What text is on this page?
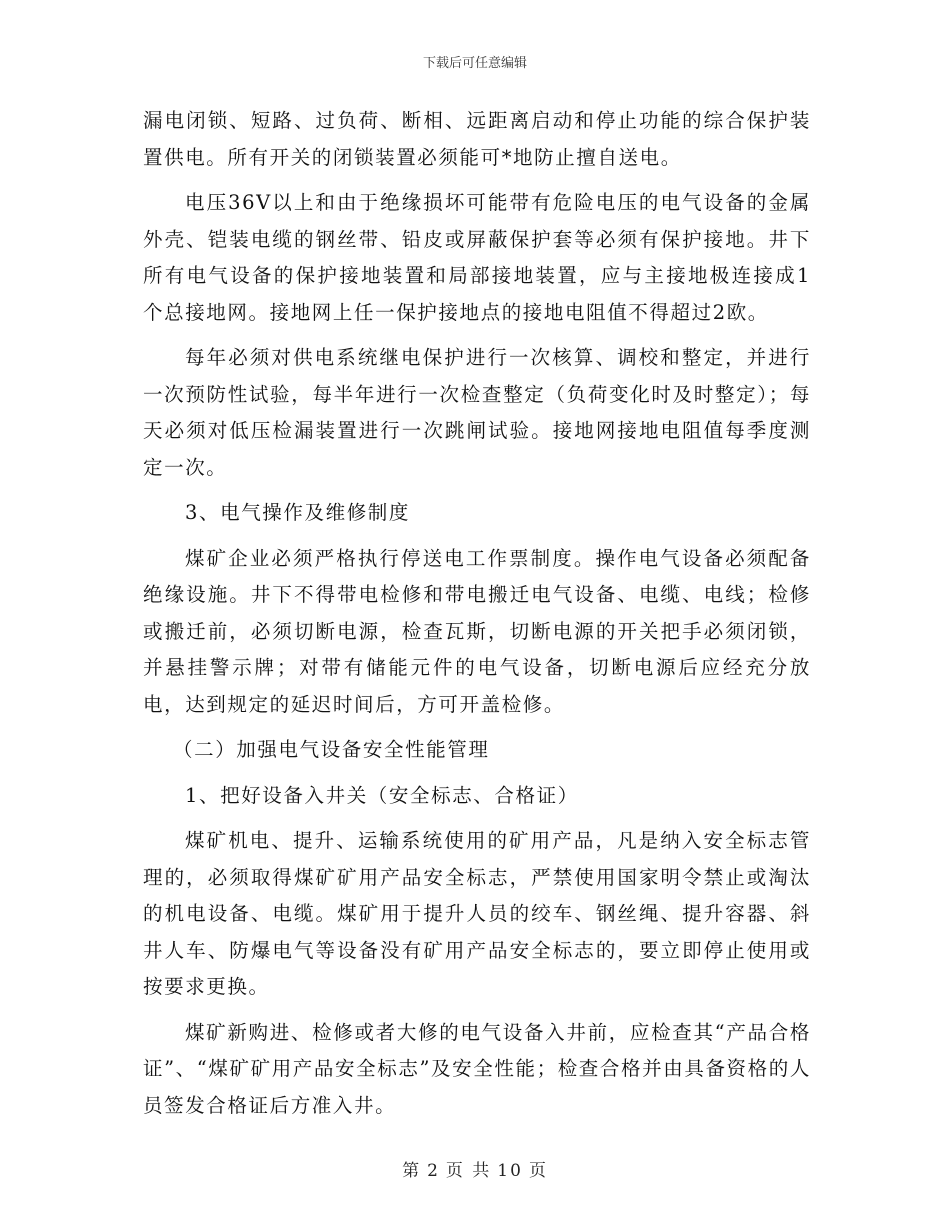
下载后可任意编辑

漏电闭锁、短路、过负荷、断相、远距离启动和停止功能的综合保护装置供电。所有开关的闭锁装置必须能可*地防止擅自送电。

电压36V以上和由于绝缘损坏可能带有危险电压的电气设备的金属外壳、铠装电缆的钢丝带、铅皮或屏蔽保护套等必须有保护接地。井下所有电气设备的保护接地装置和局部接地装置，应与主接地极连接成1个总接地网。接地网上任一保护接地点的接地电阻值不得超过2欧。

每年必须对供电系统继电保护进行一次核算、调校和整定，并进行一次预防性试验，每半年进行一次检查整定（负荷变化时及时整定）；每天必须对低压检漏装置进行一次跳闸试验。接地网接地电阻值每季度测定一次。

3、电气操作及维修制度

煤矿企业必须严格执行停送电工作票制度。操作电气设备必须配备绝缘设施。井下不得带电检修和带电搬迁电气设备、电缆、电线；检修或搬迁前，必须切断电源，检查瓦斯，切断电源的开关把手必须闭锁，并悬挂警示牌；对带有储能元件的电气设备，切断电源后应经充分放电，达到规定的延迟时间后，方可开盖检修。

（二）加强电气设备安全性能管理

1、把好设备入井关（安全标志、合格证）

煤矿机电、提升、运输系统使用的矿用产品，凡是纳入安全标志管理的，必须取得煤矿矿用产品安全标志，严禁使用国家明令禁止或淘汰的机电设备、电缆。煤矿用于提升人员的绞车、钢丝绳、提升容器、斜井人车、防爆电气等设备没有矿用产品安全标志的，要立即停止使用或按要求更换。

煤矿新购进、检修或者大修的电气设备入井前，应检查其“产品合格证”、“煤矿矿用产品安全标志”及安全性能；检查合格并由具备资格的人员签发合格证后方准入井。

第 2 页 共 10 页
